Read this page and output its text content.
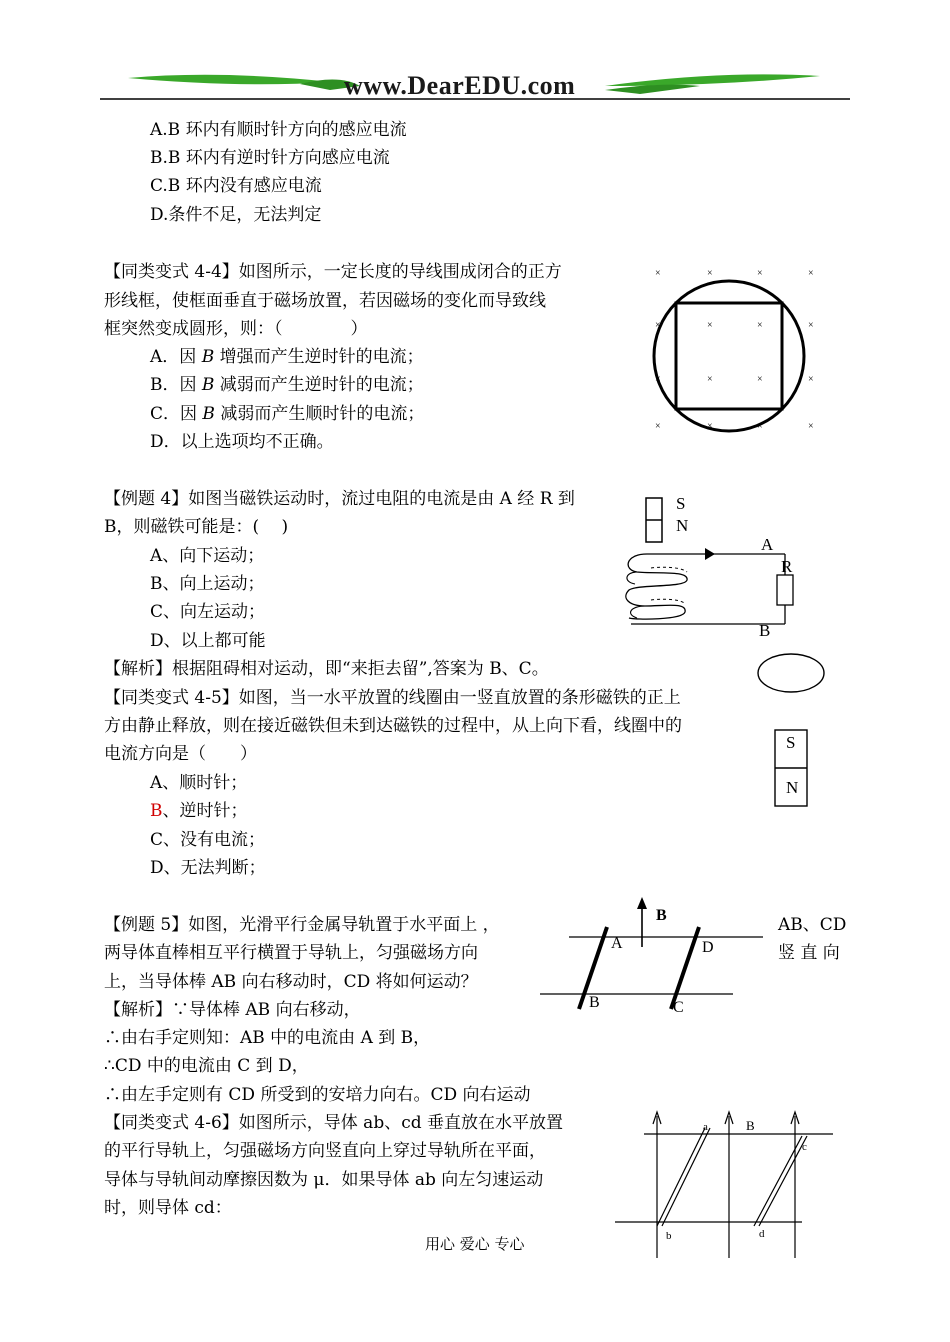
www.DearEDU.com
A.B 环内有顺时针方向的感应电流
B.B 环内有逆时针方向感应电流
C.B 环内没有感应电流
D.条件不足，无法判定
【同类变式 4-4】如图所示，一定长度的导线围成闭合的正方
形线框，使框面垂直于磁场放置，若因磁场的变化而导致线
框突然变成圆形，则：（　　　　）
A．因 B 增强而产生逆时针的电流；
B．因 B 减弱而产生逆时针的电流；
C．因 B 减弱而产生顺时针的电流；
D．以上选项均不正确。
×	×	×	×
×	×	×	×
×	×	×	×
×	×	×	×
【例题 4】如图当磁铁运动时，流过电阻的电流是由 A 经 R 到
B，则磁铁可能是：(　 )
A、向下运动；
B、向上运动；
C、向左运动；
D、以上都可能
【解析】根据阻碍相对运动，即“来拒去留”,答案为 B、C。
S
N
A
R
B
【同类变式 4-5】如图，当一水平放置的线圈由一竖直放置的条形磁铁的正上
方由静止释放，则在接近磁铁但未到达磁铁的过程中，从上向下看，线圈中的
电流方向是（　　）
A、顺时针；
B、逆时针；
C、没有电流；
D、无法判断；
S
N
【例题 5】如图，光滑平行金属导轨置于水平面上 ，
两导体直棒相互平行横置于导轨上，匀强磁场方向
上，当导体棒 AB 向右移动时，CD 将如何运动？
【解析】∵导体棒 AB 向右移动，
∴由右手定则知：AB 中的电流由 A 到 B，
∴CD 中的电流由 C 到 D，
∴由左手定则有 CD 所受到的安培力向右。CD 向右运动
AB、CD
竖 直 向
B
A	D
B	C
【同类变式 4-6】如图所示，导体 ab、cd 垂直放在水平放置
的平行导轨上，匀强磁场方向竖直向上穿过导轨所在平面，
导体与导轨间动摩擦因数为 μ．如果导体 ab 向左匀速运动
时，则导体 cd：
a	B
c
b	d
用心 爱心 专心
